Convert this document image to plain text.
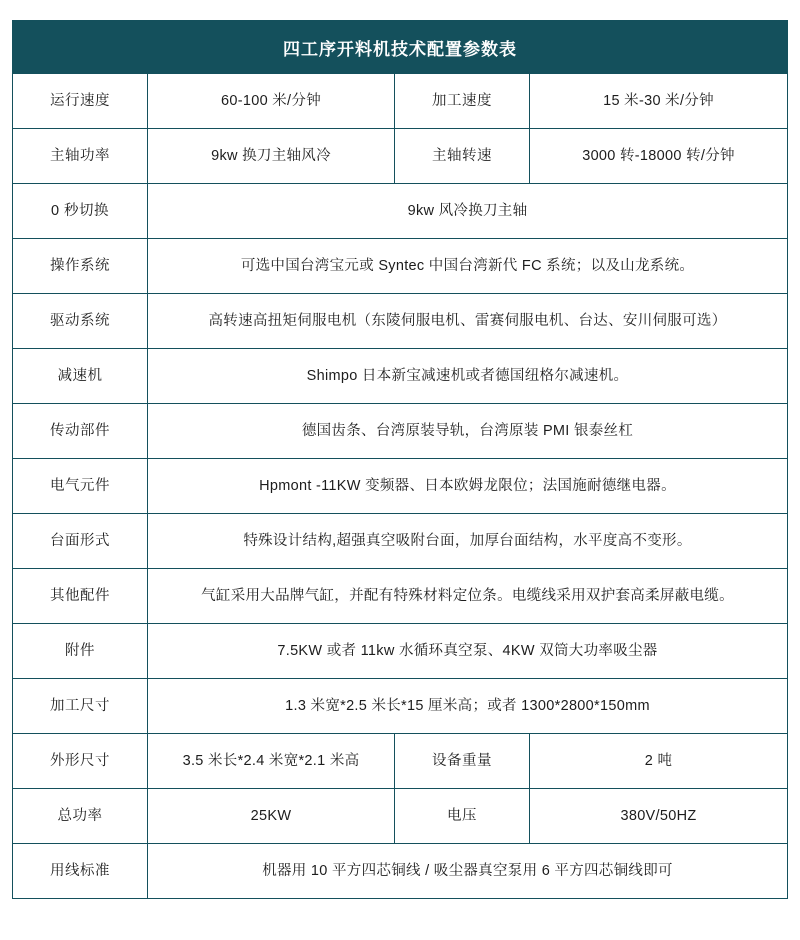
四工序开料机技术配置参数表
运行速度	60-100 米/分钟	加工速度	15 米-30 米/分钟
主轴功率	9kw 换刀主轴风冷	主轴转速	3000 转-18000 转/分钟
0 秒切换	9kw 风冷换刀主轴		
操作系统	可选中国台湾宝元或 Syntec 中国台湾新代 FC 系统；以及山龙系统。		
驱动系统	高转速高扭矩伺服电机（东陵伺服电机、雷赛伺服电机、台达、安川伺服可选）		
减速机	Shimpo 日本新宝减速机或者德国纽格尔减速机。		
传动部件	德国齿条、台湾原装导轨，台湾原装 PMI 银泰丝杠		
电气元件	Hpmont -11KW 变频器、日本欧姆龙限位；法国施耐德继电器。		
台面形式	特殊设计结构,超强真空吸附台面，加厚台面结构，水平度高不变形。		
其他配件	气缸采用大品牌气缸，并配有特殊材料定位条。电缆线采用双护套高柔屏蔽电缆。		
附件	7.5KW 或者 11kw 水循环真空泵、4KW 双筒大功率吸尘器		
加工尺寸	1.3 米宽*2.5 米长*15 厘米高；或者 1300*2800*150mm		
外形尺寸	3.5 米长*2.4 米宽*2.1 米高	设备重量	2 吨
总功率	25KW	电压	380V/50HZ
用线标准	机器用 10 平方四芯铜线 / 吸尘器真空泵用 6 平方四芯铜线即可		
